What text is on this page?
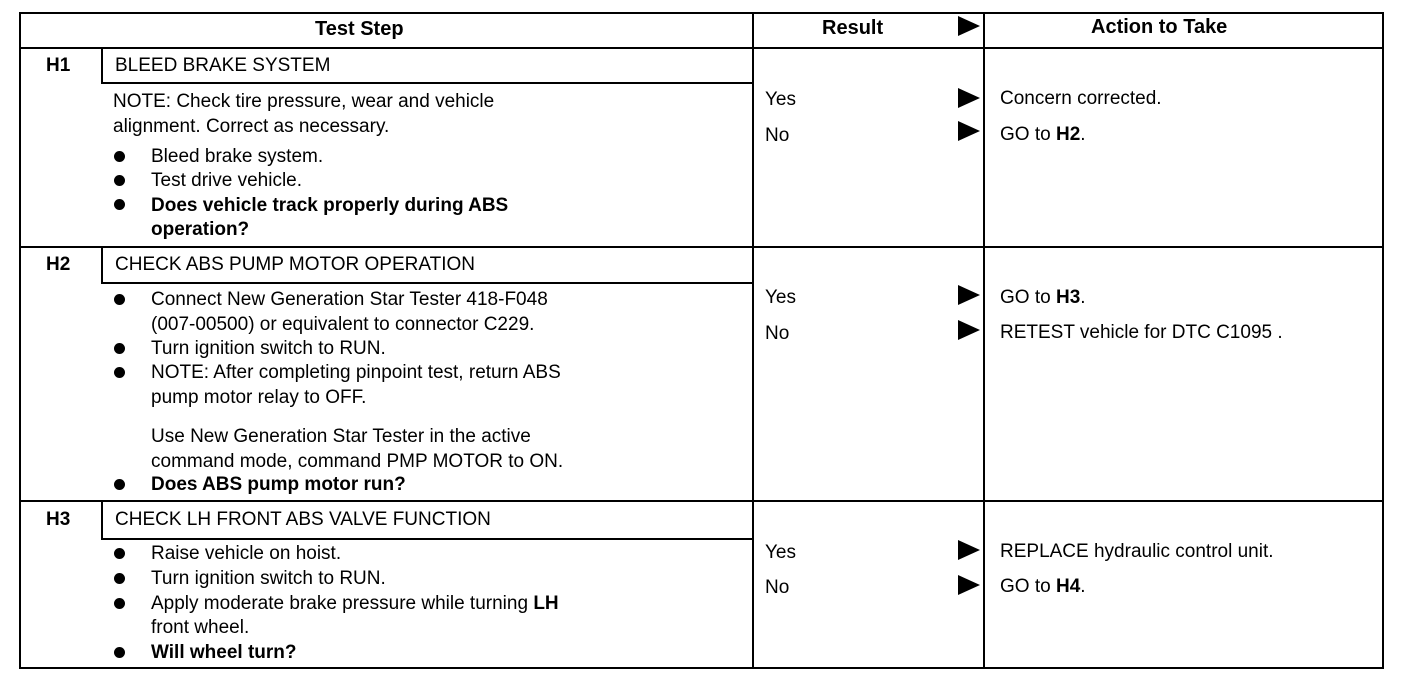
Test Step	Result	Action to Take
H1 BLEED BRAKE SYSTEM
NOTE: Check tire pressure, wear and vehicle
alignment. Correct as necessary.
Bleed brake system.
Test drive vehicle.
Does vehicle track properly during ABS
operation?
Yes
No
Concern corrected.
GO to H2.
H2 CHECK ABS PUMP MOTOR OPERATION
Connect New Generation Star Tester 418-F048
(007-00500) or equivalent to connector C229.
Turn ignition switch to RUN.
NOTE: After completing pinpoint test, return ABS
pump motor relay to OFF.
Use New Generation Star Tester in the active
command mode, command PMP MOTOR to ON.
Does ABS pump motor run?
Yes
No
GO to H3.
RETEST vehicle for DTC C1095 .
H3 CHECK LH FRONT ABS VALVE FUNCTION
Raise vehicle on hoist.
Turn ignition switch to RUN.
Apply moderate brake pressure while turning LH
front wheel.
Will wheel turn?
Yes
No
REPLACE hydraulic control unit.
GO to H4.
